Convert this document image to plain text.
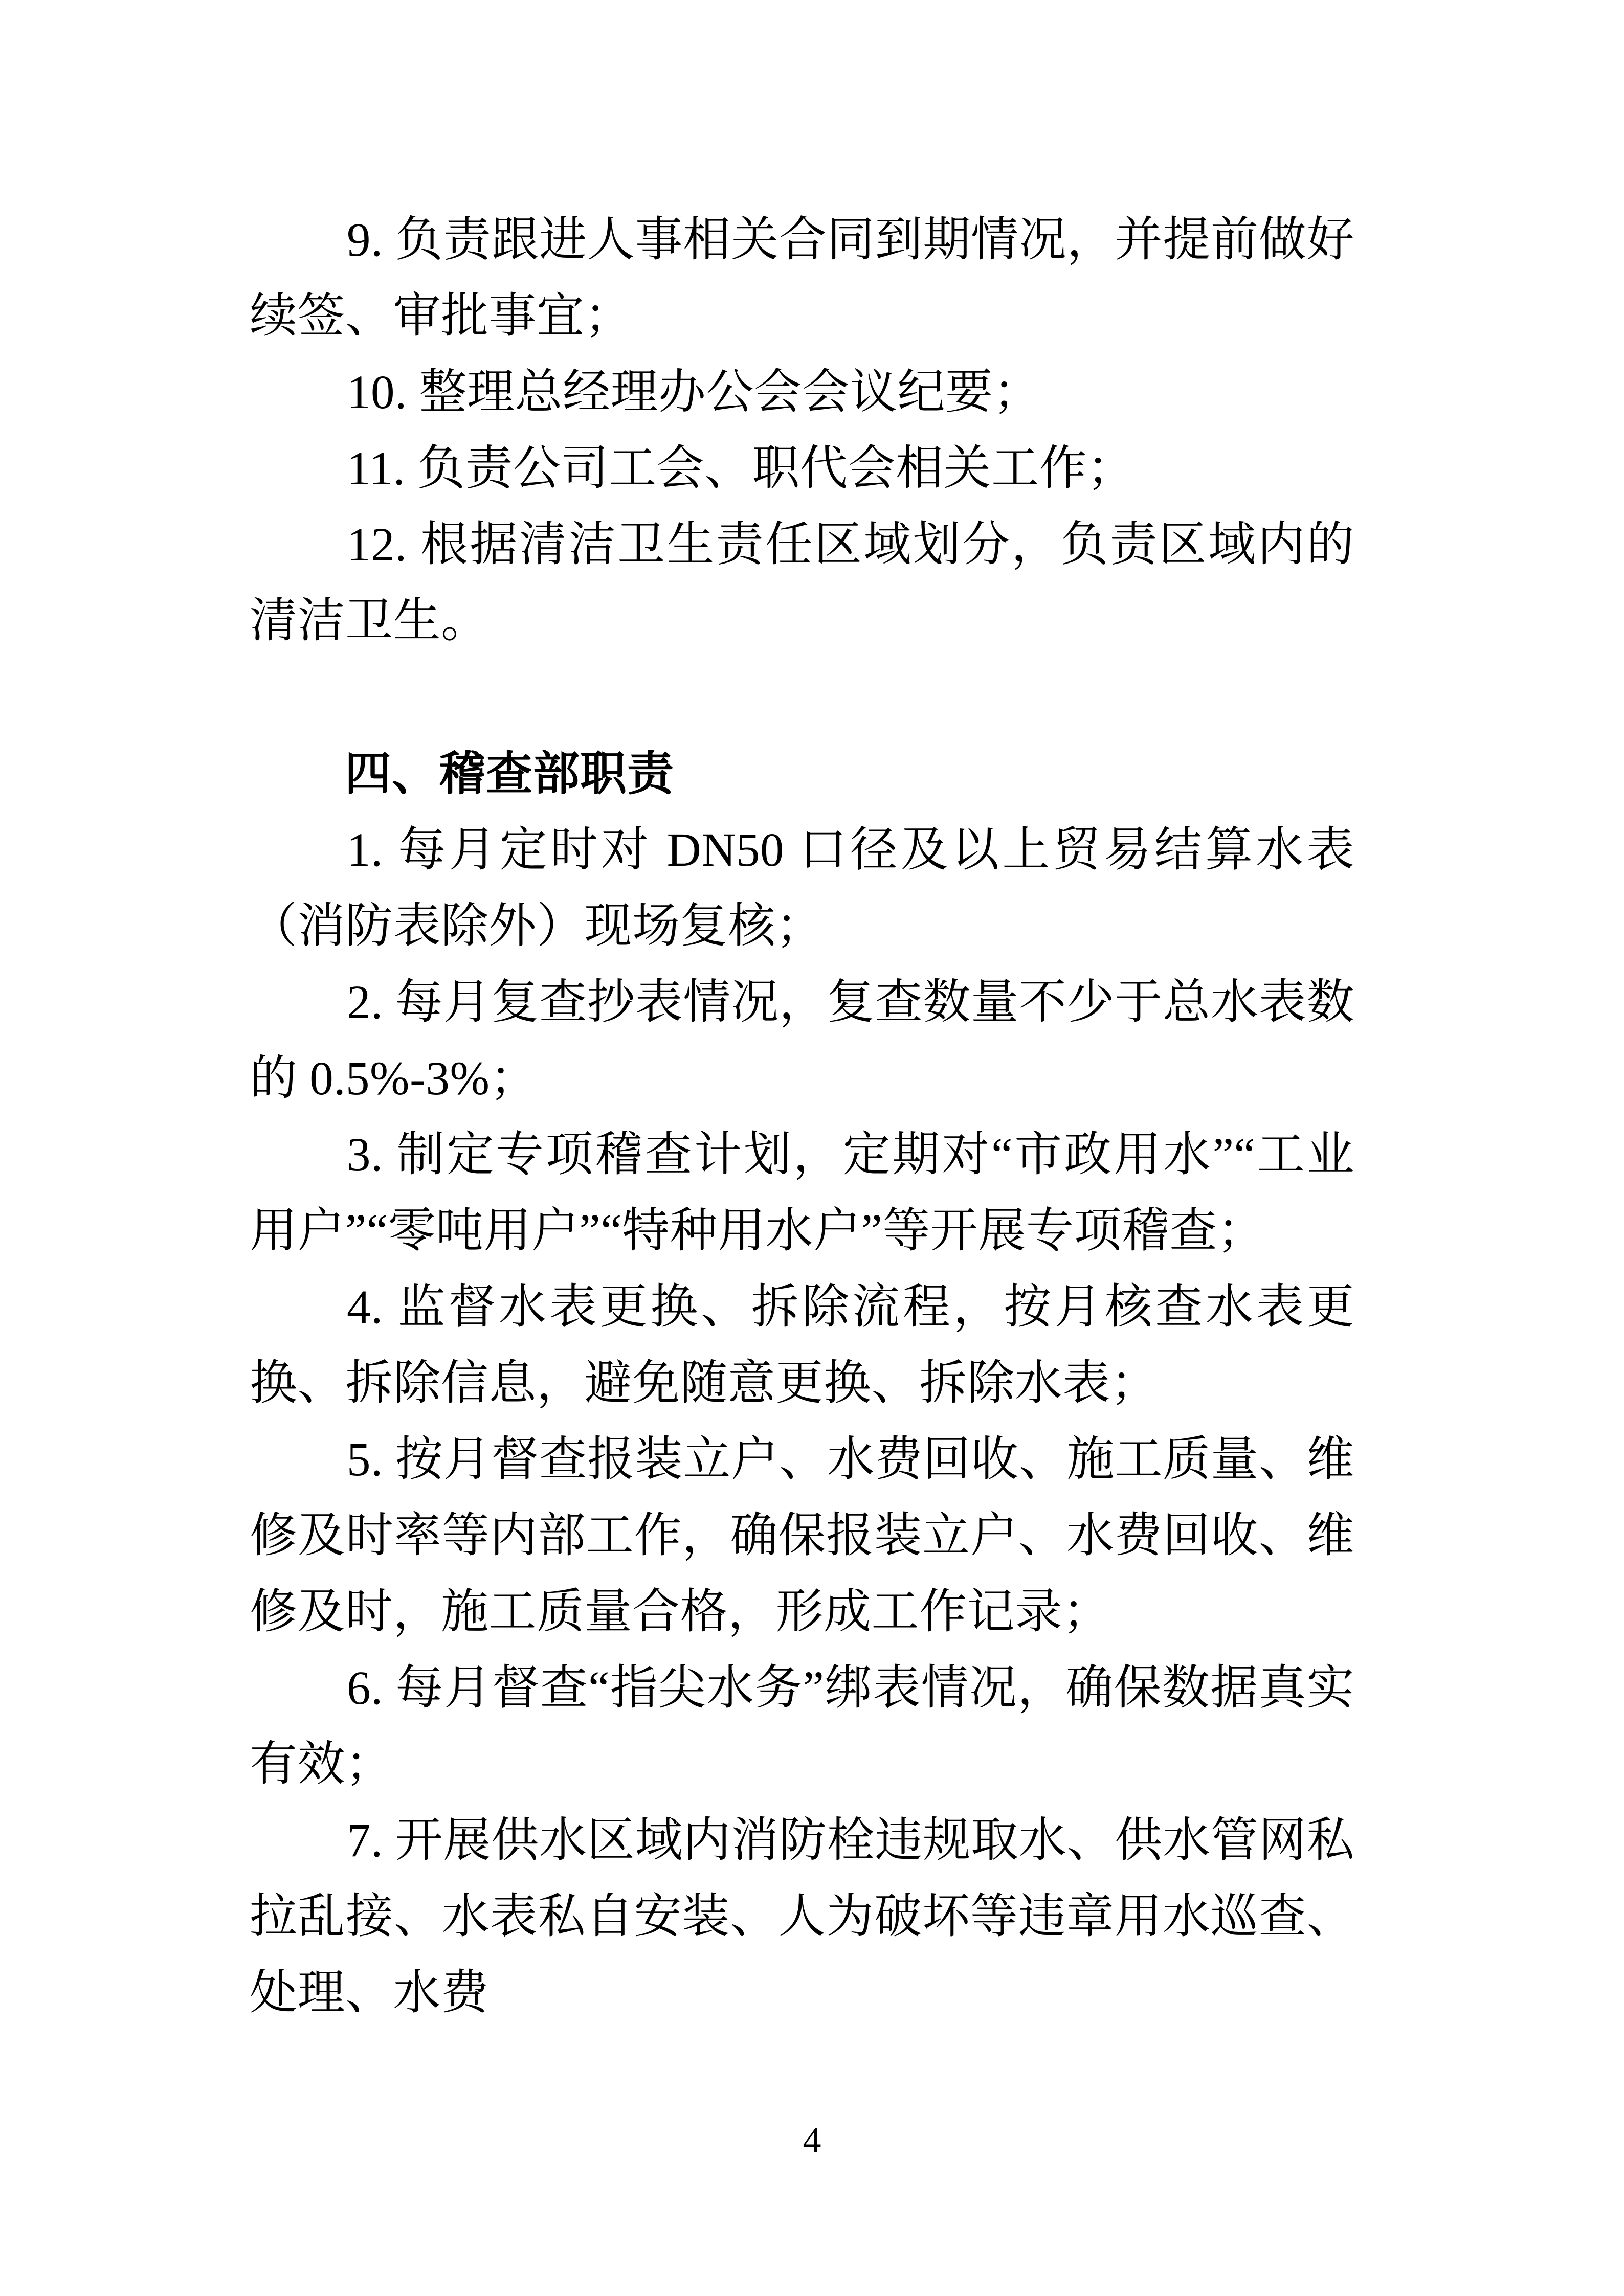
9. 负责跟进人事相关合同到期情况，并提前做好续签、审批事宜；

10. 整理总经理办公会会议纪要；

11. 负责公司工会、职代会相关工作；

12. 根据清洁卫生责任区域划分，负责区域内的清洁卫生。

四、稽查部职责

1. 每月定时对 DN50 口径及以上贸易结算水表（消防表除外）现场复核；

2. 每月复查抄表情况，复查数量不少于总水表数的 0.5%-3%；

3. 制定专项稽查计划，定期对“市政用水”“工业用户”“零吨用户”“特种用水户”等开展专项稽查；

4. 监督水表更换、拆除流程，按月核查水表更换、拆除信息，避免随意更换、拆除水表；

5. 按月督查报装立户、水费回收、施工质量、维修及时率等内部工作，确保报装立户、水费回收、维修及时，施工质量合格，形成工作记录；

6. 每月督查“指尖水务”绑表情况，确保数据真实有效；

7. 开展供水区域内消防栓违规取水、供水管网私拉乱接、水表私自安装、人为破坏等违章用水巡查、处理、水费

4
